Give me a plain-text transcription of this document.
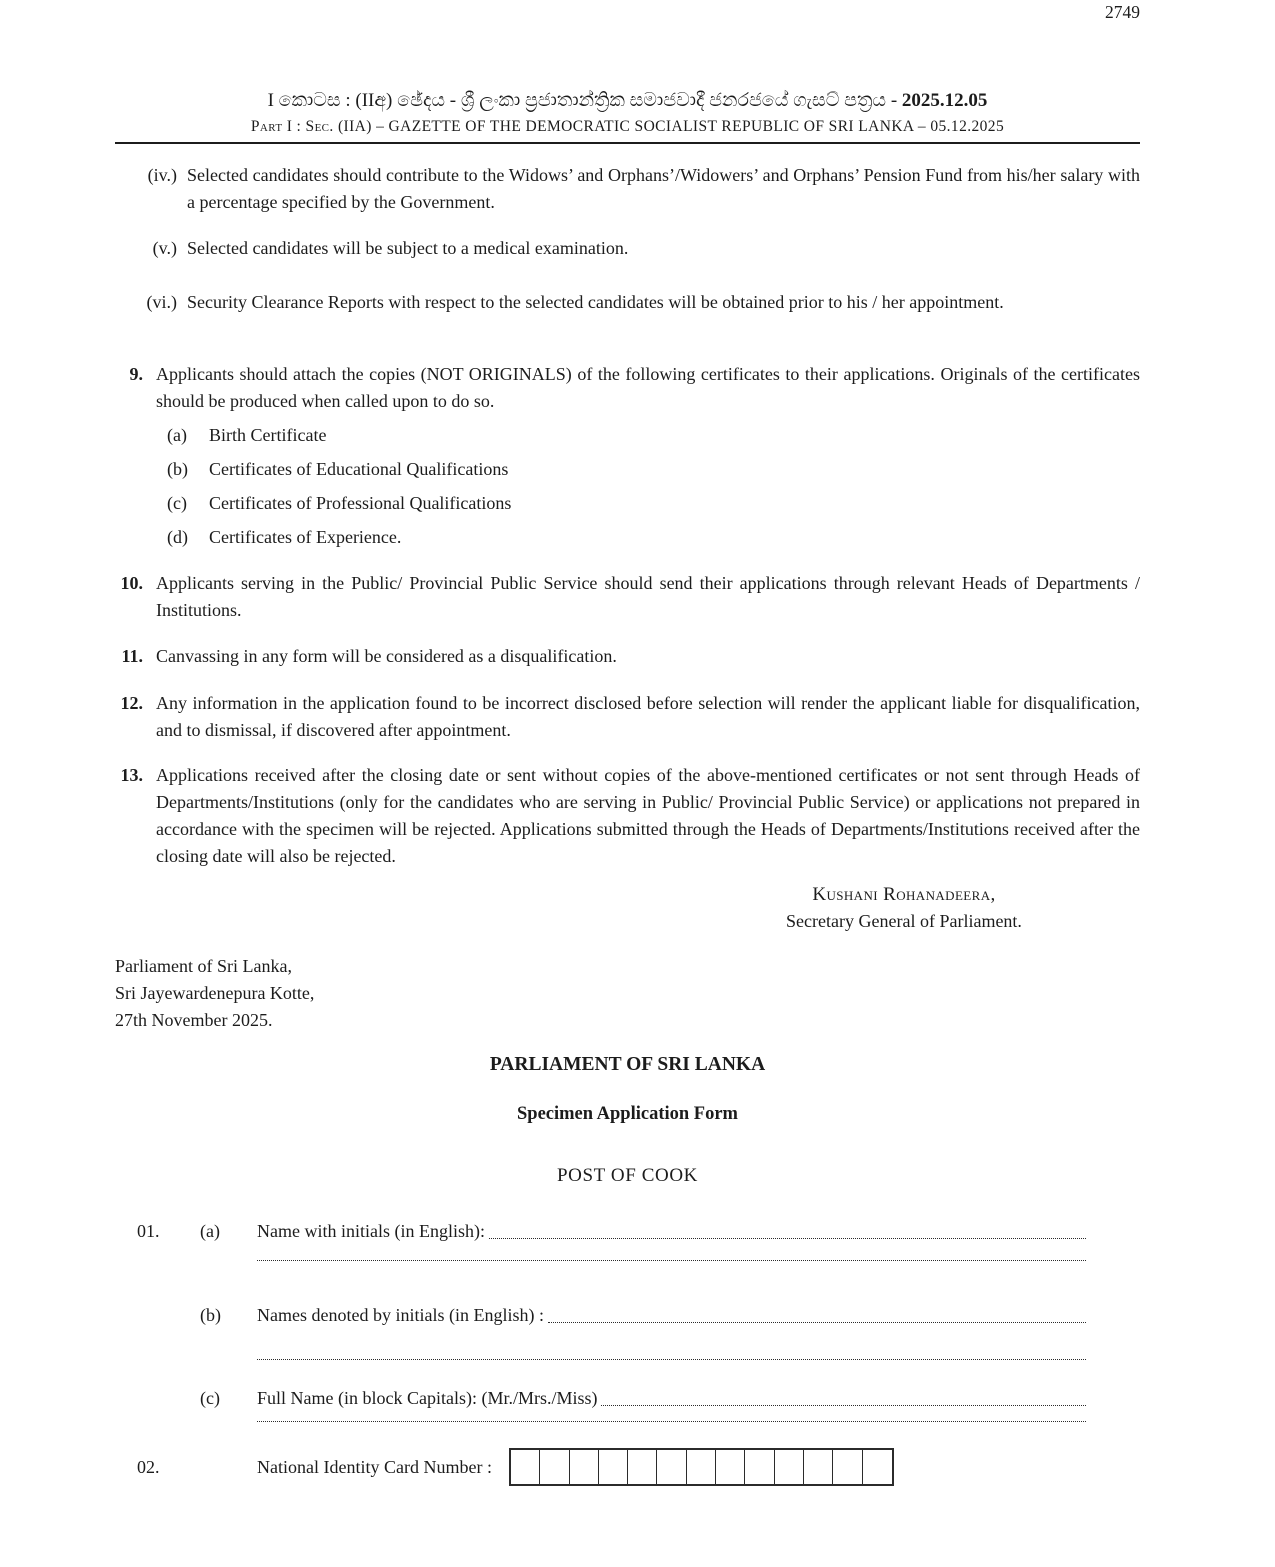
2749
I කොටස : (IIඅ) ඡේදය - ශ්‍රී ලංකා ප්‍රජාතාන්ත්‍රික සමාජවාදී ජනරජයේ ගැසට් පත්‍රය - 2025.12.05
Part I : Sec. (IIA) – GAZETTE OF THE DEMOCRATIC SOCIALIST REPUBLIC OF SRI LANKA – 05.12.2025
(iv.) Selected candidates should contribute to the Widows’ and Orphans’/Widowers’ and Orphans’ Pension Fund from his/her salary with a percentage specified by the Government.
(v.) Selected candidates will be subject to a medical examination.
(vi.) Security Clearance Reports with respect to the selected candidates will be obtained prior to his / her appointment.
9. Applicants should attach the copies (NOT ORIGINALS) of the following certificates to their applications. Originals of the certificates should be produced when called upon to do so.
(a)	Birth Certificate
(b)	Certificates of Educational Qualifications
(c)	Certificates of Professional Qualifications
(d)	Certificates of Experience.
10. Applicants serving in the Public/ Provincial Public Service should send their applications through relevant Heads of Departments / Institutions.
11. Canvassing in any form will be considered as a disqualification.
12. Any information in the application found to be incorrect disclosed before selection will render the applicant liable for disqualification, and to dismissal, if discovered after appointment.
13. Applications received after the closing date or sent without copies of the above-mentioned certificates or not sent through Heads of Departments/Institutions (only for the candidates who are serving in Public/ Provincial Public Service) or applications not prepared in accordance with the specimen will be rejected. Applications submitted through the Heads of Departments/Institutions received after the closing date will also be rejected.
Kushani Rohanadeera,
Secretary General of Parliament.
Parliament of Sri Lanka,
Sri Jayewardenepura Kotte,
27th November 2025.
PARLIAMENT OF SRI LANKA
Specimen Application Form
POST OF COOK
01.	(a)	Name with initials (in English):
(b)	Names denoted by initials (in English) :
(c)	Full Name (in block Capitals): (Mr./Mrs./Miss)
02.	National Identity Card Number :
